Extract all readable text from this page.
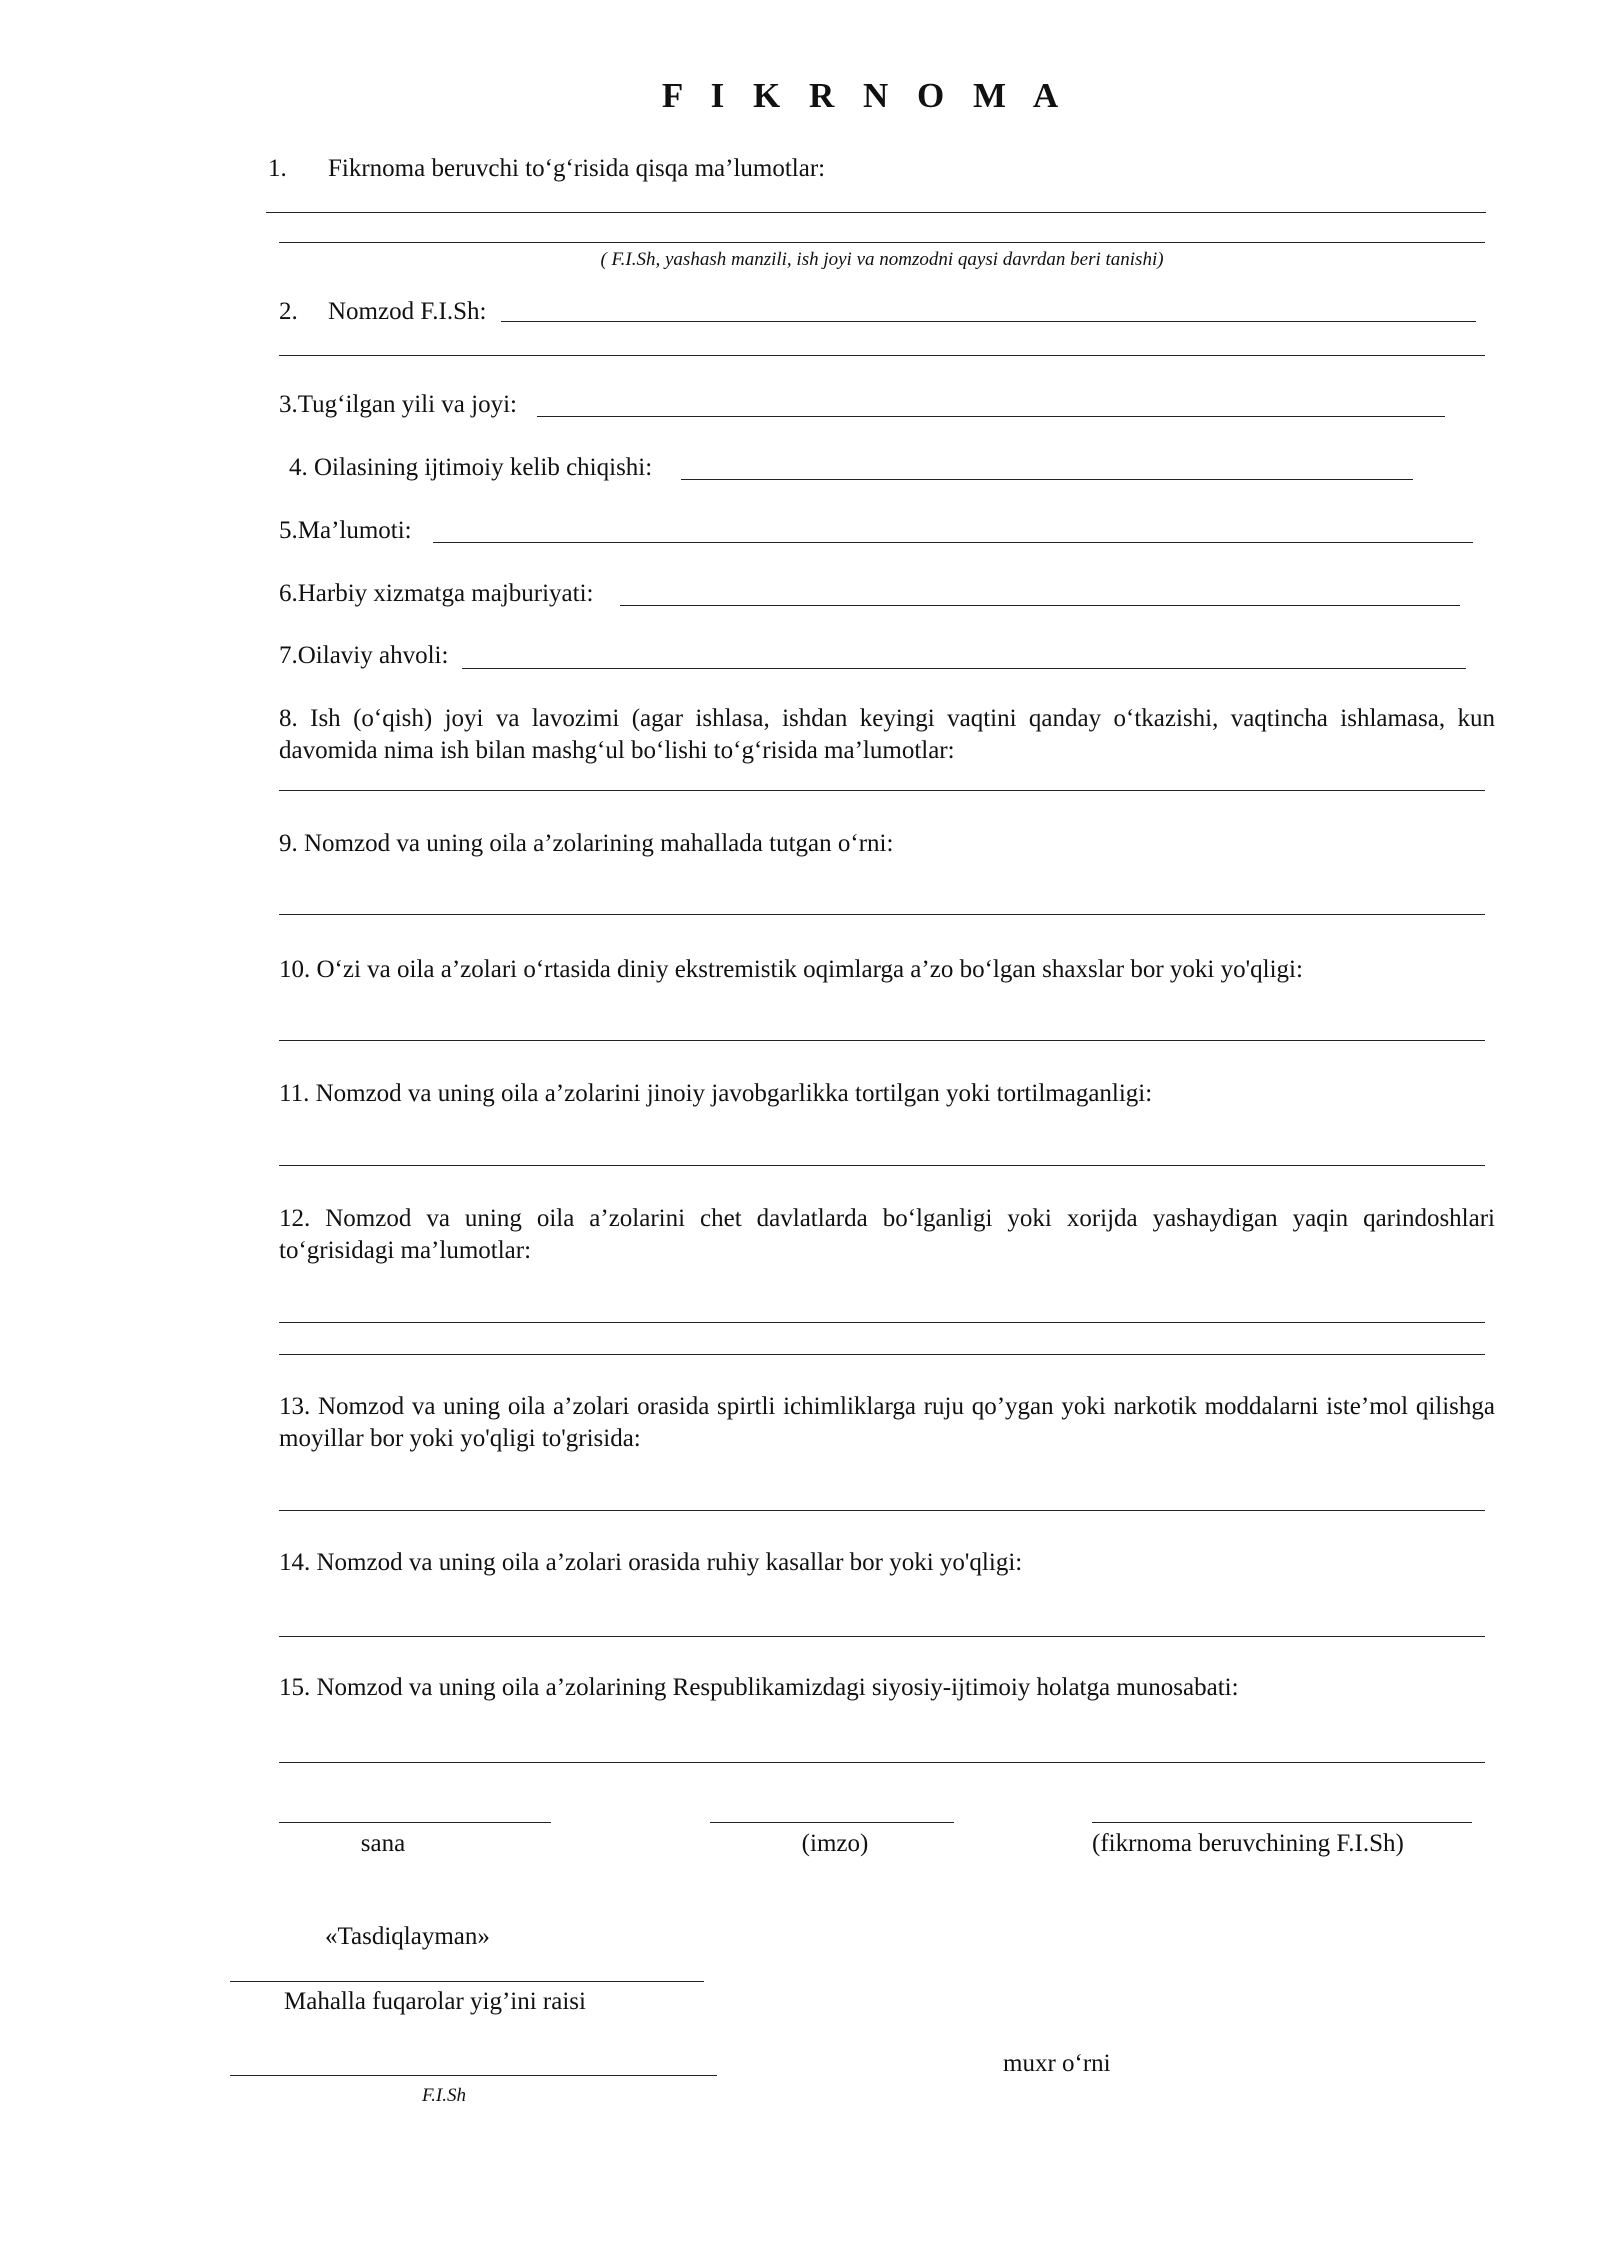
F I K R N O M A
1. Fikrnoma beruvchi to‘g‘risida qisqa ma’lumotlar:
( F.I.Sh, yashash manzili, ish joyi va nomzodni qaysi davrdan beri tanishi)
2. Nomzod F.I.Sh:
3.Tug‘ilgan yili va joyi:
4. Oilasining ijtimoiy kelib chiqishi:
5.Ma’lumoti:
6.Harbiy xizmatga majburiyati:
7.Oilaviy ahvoli:
8. Ish (o‘qish) joyi va lavozimi (agar ishlasa, ishdan keyingi vaqtini qanday o‘tkazishi, vaqtincha ishlamasa, kun davomida nima ish bilan mashg‘ul bo‘lishi to‘g‘risida ma’lumotlar:
9. Nomzod va uning oila a’zolarining mahallada tutgan o‘rni:
10. O‘zi va oila a’zolari o‘rtasida diniy ekstremistik oqimlarga a’zo bo‘lgan shaxslar bor yoki yo'qligi:
11. Nomzod va uning oila a’zolarini jinoiy javobgarlikka tortilgan yoki tortilmaganligi:
12. Nomzod va uning oila a’zolarini chet davlatlarda bo‘lganligi yoki xorijda yashaydigan yaqin qarindoshlari to‘grisidagi ma’lumotlar:
13. Nomzod va uning oila a’zolari orasida spirtli ichimliklarga ruju qo’ygan yoki narkotik moddalarni iste’mol qilishga moyillar bor yoki yo'qligi to'grisida:
14. Nomzod va uning oila a’zolari orasida ruhiy kasallar bor yoki yo'qligi:
15. Nomzod va uning oila a’zolarining Respublikamizdagi siyosiy-ijtimoiy holatga munosabati:
sana	(imzo)	(fikrnoma beruvchining F.I.Sh)
«Tasdiqlayman»
Mahalla fuqarolar yig’ini raisi
muxr o‘rni
F.I.Sh
